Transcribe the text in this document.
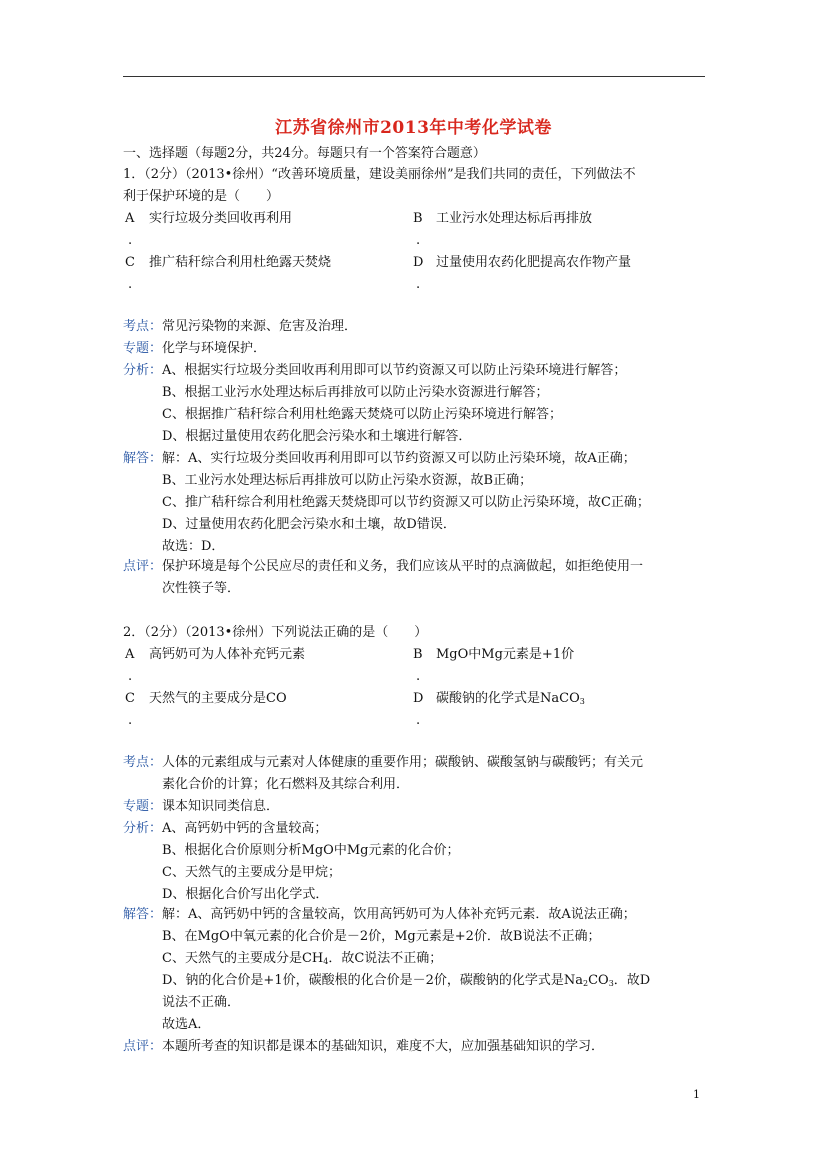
江苏省徐州市2013年中考化学试卷
一、选择题（每题2分，共24分。每题只有一个答案符合题意）
1．（2分）（2013•徐州）“改善环境质量，建设美丽徐州”是我们共同的责任，下列做法不
利于保护环境的是（　　）
A 实行垃圾分类回收再利用
.
B 工业污水处理达标后再排放
.
C 推广秸秆综合利用杜绝露天焚烧
.
D 过量使用农药化肥提高农作物产量
.
考点：常见污染物的来源、危害及治理．
专题：化学与环境保护．
分析：A、根据实行垃圾分类回收再利用即可以节约资源又可以防止污染环境进行解答；
B、根据工业污水处理达标后再排放可以防止污染水资源进行解答；
C、根据推广秸秆综合利用杜绝露天焚烧可以防止污染环境进行解答；
D、根据过量使用农药化肥会污染水和土壤进行解答．
解答：解：A、实行垃圾分类回收再利用即可以节约资源又可以防止污染环境，故A正确；
B、工业污水处理达标后再排放可以防止污染水资源，故B正确；
C、推广秸秆综合利用杜绝露天焚烧即可以节约资源又可以防止污染环境，故C正确；
D、过量使用农药化肥会污染水和土壤，故D错误．
故选：D．
点评：保护环境是每个公民应尽的责任和义务，我们应该从平时的点滴做起，如拒绝使用一
次性筷子等．
2．（2分）（2013•徐州）下列说法正确的是（　　）
A 高钙奶可为人体补充钙元素
.
B MgO中Mg元素是+1价
.
C 天然气的主要成分是CO
.
D 碳酸钠的化学式是NaCO$_3$
.
考点：人体的元素组成与元素对人体健康的重要作用；碳酸钠、碳酸氢钠与碳酸钙；有关元
素化合价的计算；化石燃料及其综合利用．
专题：课本知识同类信息．
分析：A、高钙奶中钙的含量较高；
B、根据化合价原则分析MgO中Mg元素的化合价；
C、天然气的主要成分是甲烷；
D、根据化合价写出化学式．
解答：解：A、高钙奶中钙的含量较高，饮用高钙奶可为人体补充钙元素．故A说法正确；
B、在MgO中氧元素的化合价是－2价，Mg元素是+2价．故B说法不正确；
C、天然气的主要成分是$CH_4$．故C说法不正确；
D、钠的化合价是+1价，碳酸根的化合价是－2价，碳酸钠的化学式是$Na_2CO_3$．故D
说法不正确．
故选A．
点评：本题所考查的知识都是课本的基础知识，难度不大，应加强基础知识的学习．
1
